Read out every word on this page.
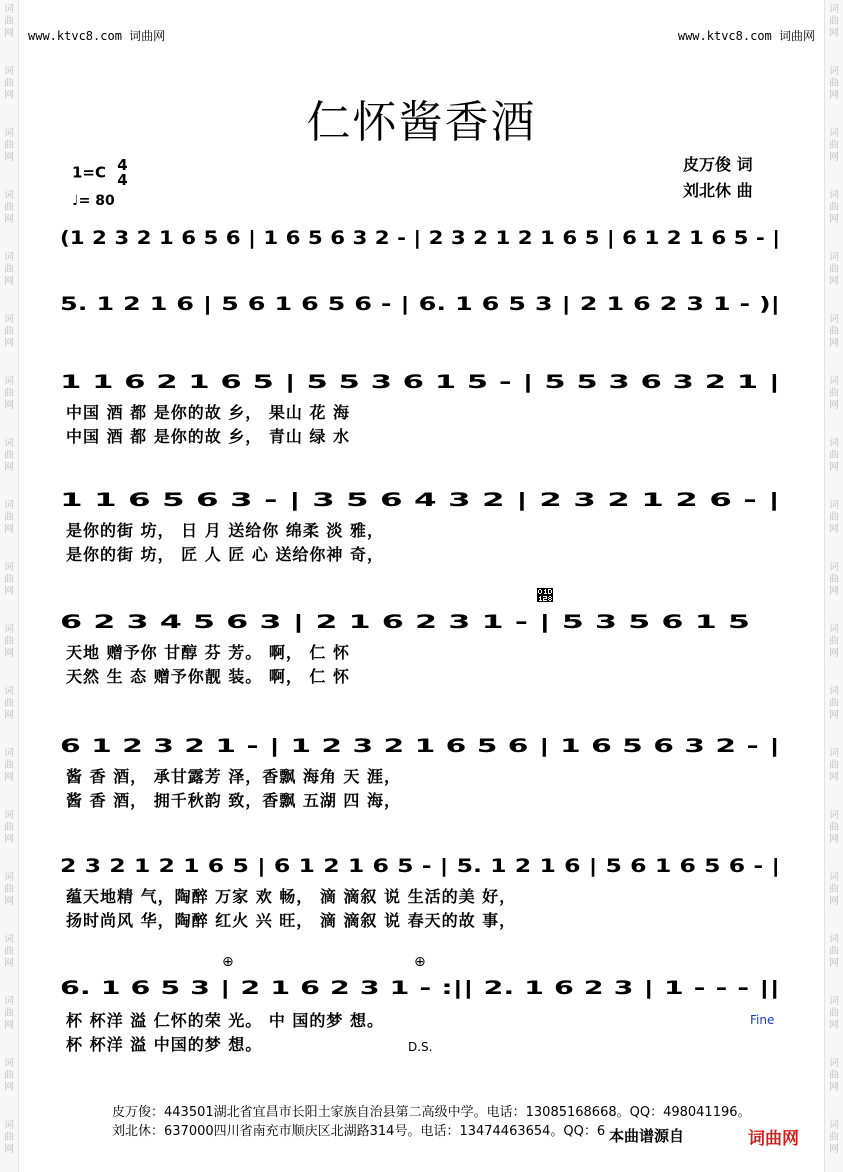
词曲网
词曲网
词曲网
词曲网
词曲网
词曲网
词曲网
词曲网
词曲网
词曲网
词曲网
词曲网
词曲网
词曲网
词曲网
词曲网
词曲网
词曲网
词曲网
词曲网
词曲网
词曲网
词曲网
词曲网
词曲网
词曲网
词曲网
词曲网
词曲网
词曲网
词曲网
词曲网
词曲网
词曲网
词曲网
词曲网
词曲网
词曲网
www.ktvc8.com 词曲网	www.ktvc8.com 词曲网
仁怀酱香酒
1=C 4
4
♩= 80
皮万俊 词
刘北休 曲
(1 2 3 2 1 6 5 6 | 1 6 5 6 3 2 - | 2 3 2 1 2 1 6 5 | 6 1 2 1 6 5 - |
5. 1 2 1 6 | 5 6 1 6 5 6 - | 6. 1 6 5 3 | 2 1 6 2 3 1 - )|
1 1 6 2 1 6 5 | 5 5 3 6 1 5 - | 5 5 3 6 3 2 1 |
中国 酒 都 是你的故 乡， 果山 花 海
中国 酒 都 是你的故 乡， 青山 绿 水
1 1 6 5 6 3 - | 3 5 6 4 3 2 | 2 3 2 1 2 6 - |
是你的街 坊， 日 月 送给你 绵柔 淡 雅，
是你的街 坊， 匠 人 匠 心 送给你神 奇，
𝄨
6 2 3 4 5 6 3 | 2 1 6 2 3 1 - | 5 3 5 6 1 5
天地 赠予你 甘醇 芬 芳。 啊， 仁 怀
天然 生 态 赠予你靓 装。 啊， 仁 怀
6 1 2 3 2 1 - | 1 2 3 2 1 6 5 6 | 1 6 5 6 3 2 - |
酱 香 酒， 承甘露芳 泽，香飘 海角 天 涯，
酱 香 酒， 拥千秋韵 致，香飘 五湖 四 海，
2 3 2 1 2 1 6 5 | 6 1 2 1 6 5 - | 5. 1 2 1 6 | 5 6 1 6 5 6 - |
蕴天地精 气，陶醉 万家 欢 畅， 滴 滴叙 说 生活的美 好，
扬时尚风 华，陶醉 红火 兴 旺， 滴 滴叙 说 春天的故 事，
⊕	⊕
6. 1 6 5 3 | 2 1 6 2 3 1 - :|| 2. 1 6 2 3 | 1 - - - ||
杯 杯洋 溢 仁怀的荣 光。 中 国的梦 想。
杯 杯洋 溢 中国的梦 想。
Fine
D.S.
皮万俊：443501湖北省宜昌市长阳土家族自治县第二高级中学。电话：13085168668。QQ：498041196。
刘北休：637000四川省南充市顺庆区北湖路314号。电话：13474463654。QQ：6 本曲谱源自	词曲网
